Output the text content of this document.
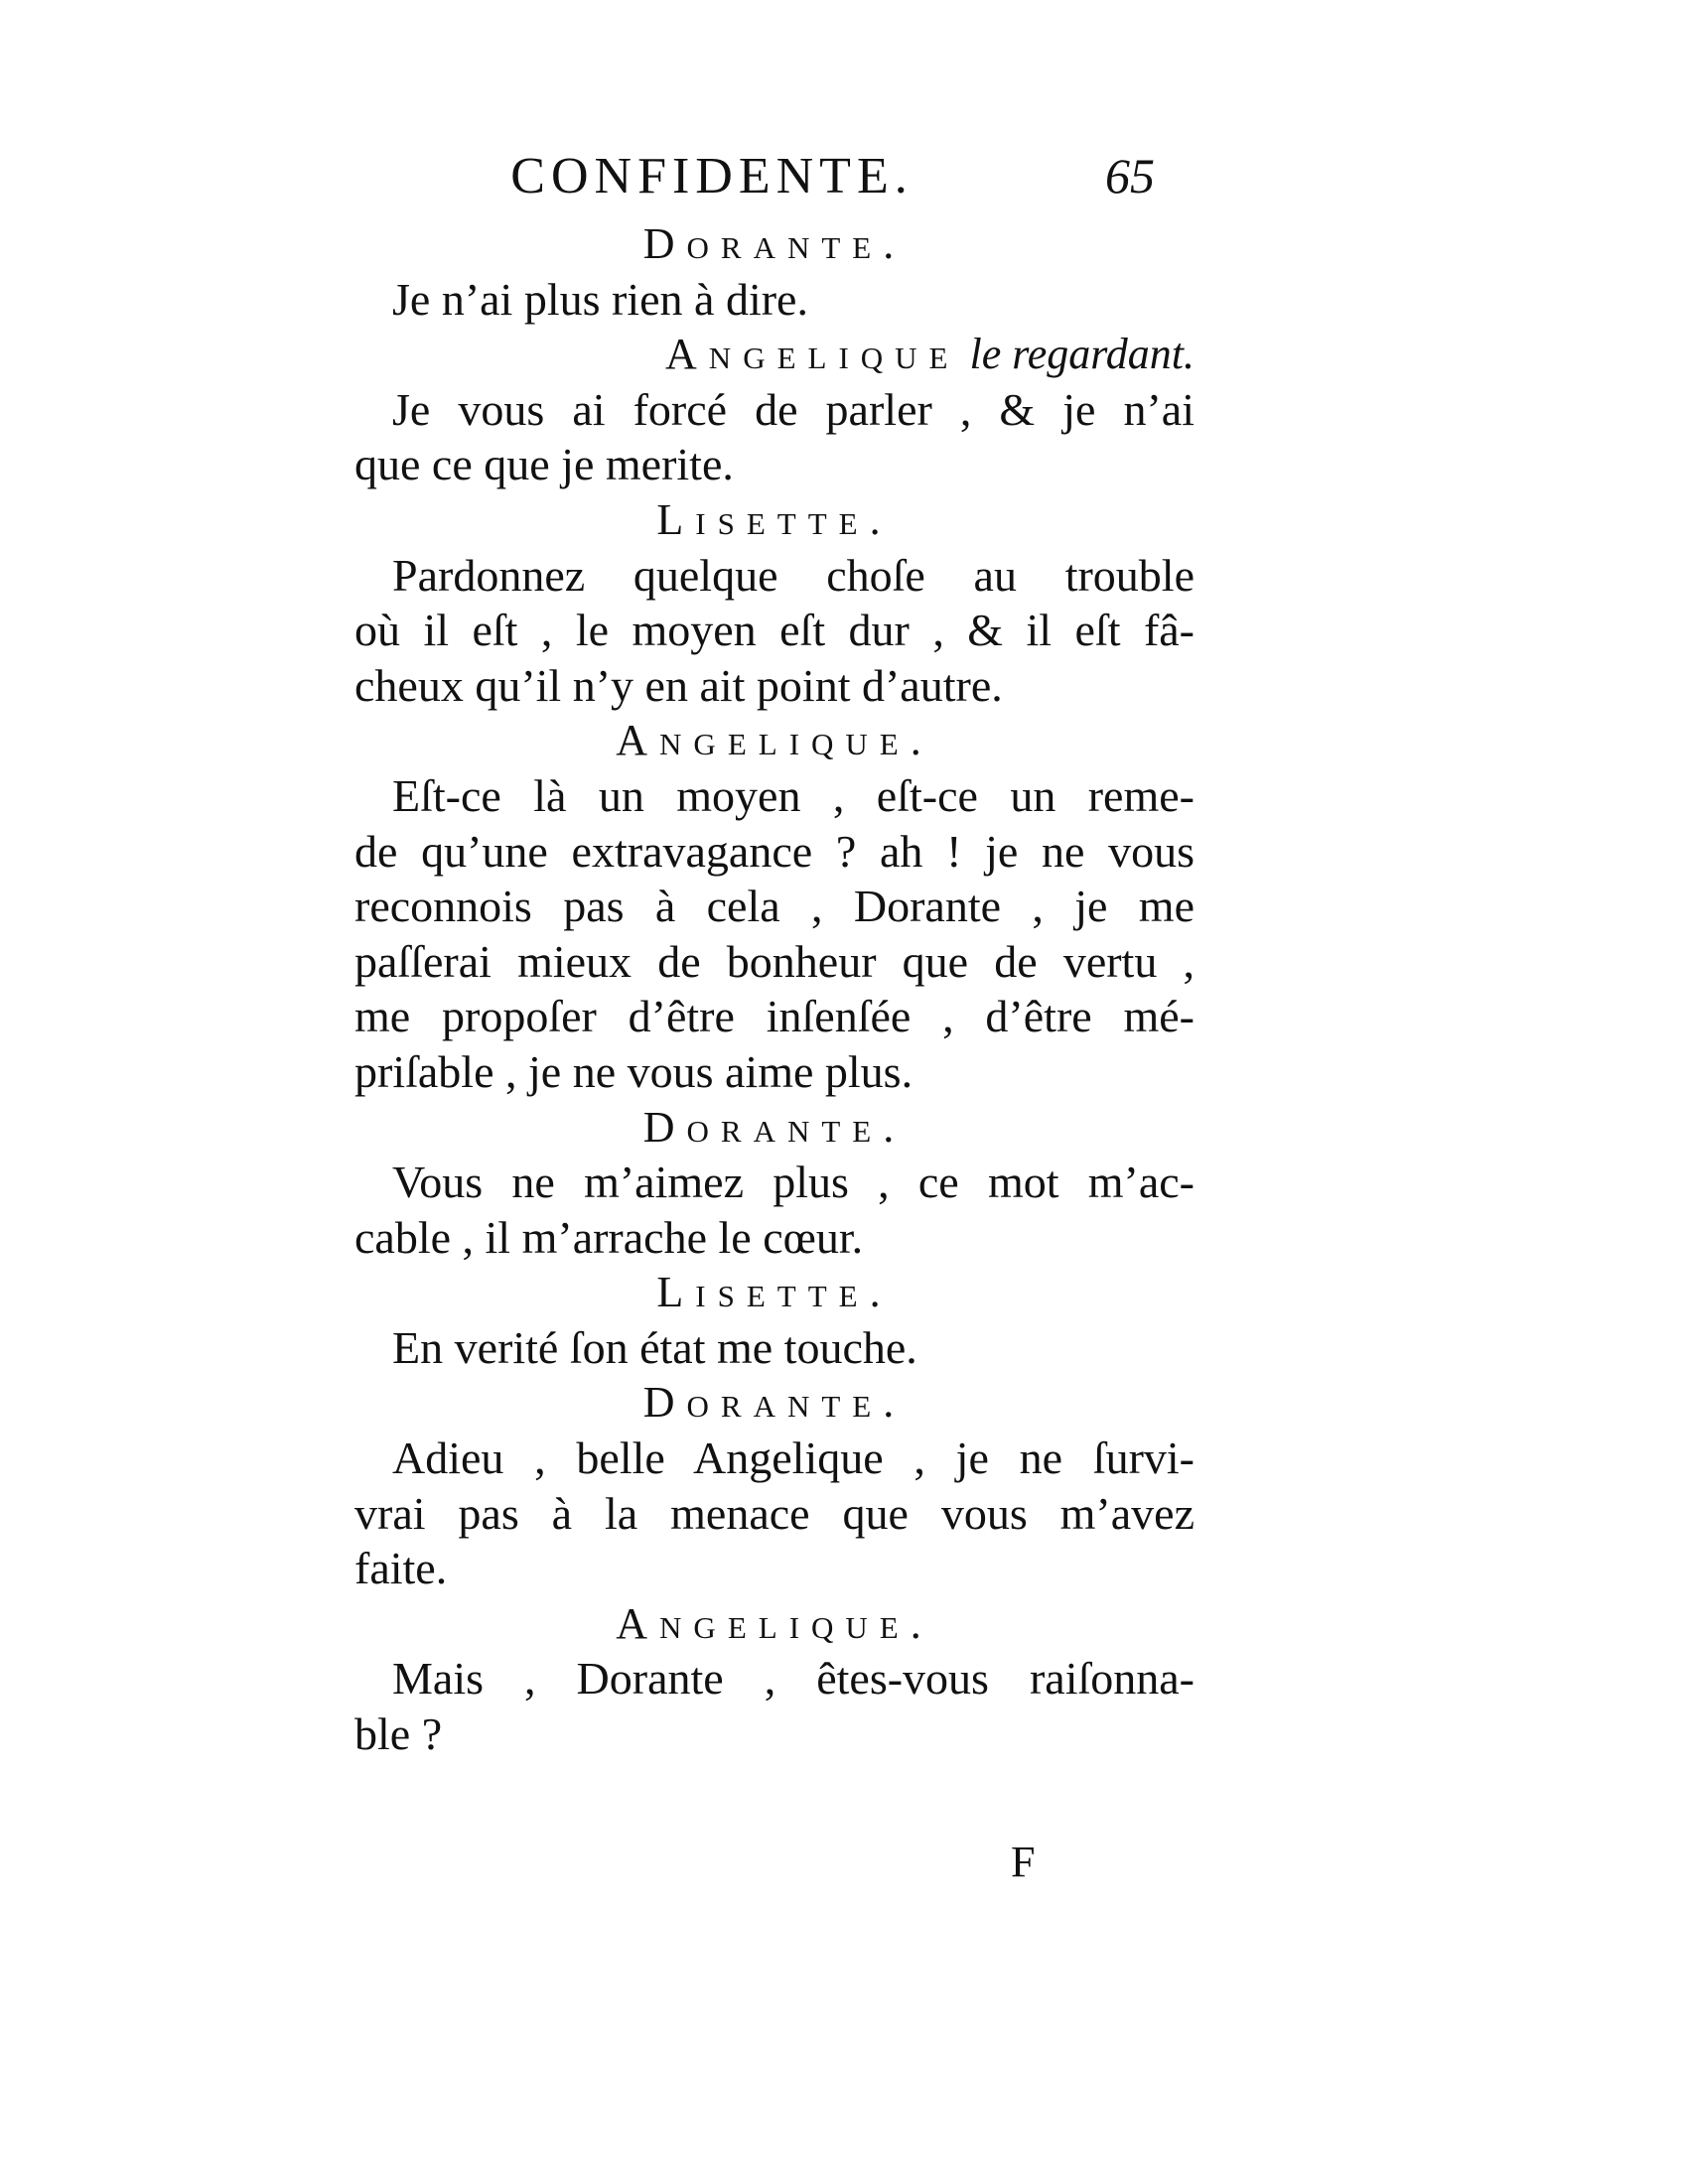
CONFIDENTE.	65
Dorante.
Je n’ai plus rien à dire.
Angelique le regardant.
Je vous ai forcé de parler , & je n’ai
que ce que je merite.
Lisette.
Pardonnez quelque choſe au trouble
où il eſt , le moyen eſt dur , & il eſt fâ-
cheux qu’il n’y en ait point d’autre.
Angelique.
Eſt-ce là un moyen , eſt-ce un reme-
de qu’une extravagance ? ah ! je ne vous
reconnois pas à cela , Dorante , je me
paſſerai mieux de bonheur que de vertu ,
me propoſer d’être inſenſée , d’être mé-
priſable , je ne vous aime plus.
Dorante.
Vous ne m’aimez plus , ce mot m’ac-
cable , il m’arrache le cœur.
Lisette.
En verité ſon état me touche.
Dorante.
Adieu , belle Angelique , je ne ſurvi-
vrai pas à la menace que vous m’avez
faite.
Angelique.
Mais , Dorante , êtes-vous raiſonna-
ble ?
F
